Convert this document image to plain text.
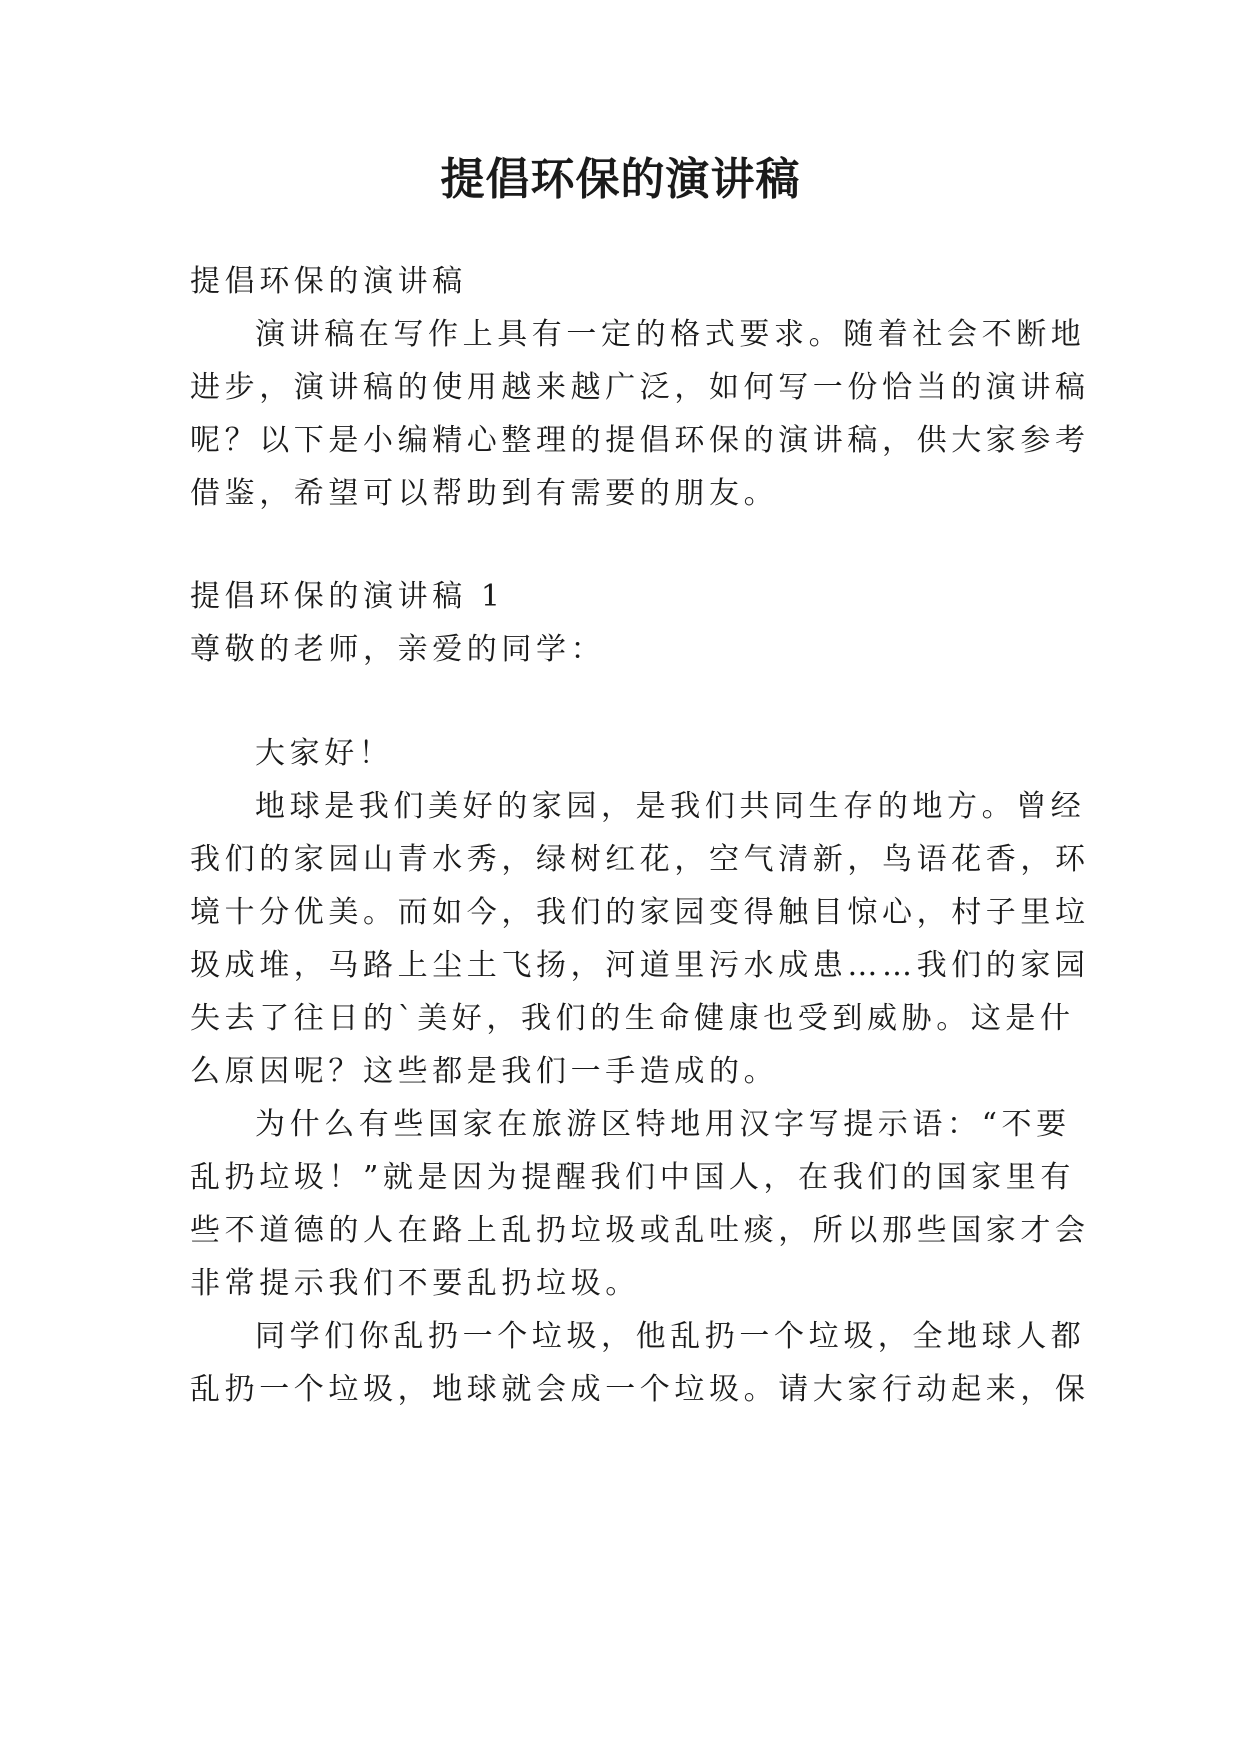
提倡环保的演讲稿

提倡环保的演讲稿

演讲稿在写作上具有一定的格式要求。随着社会不断地

进步，演讲稿的使用越来越广泛，如何写一份恰当的演讲稿

呢？以下是小编精心整理的提倡环保的演讲稿，供大家参考

借鉴，希望可以帮助到有需要的朋友。

提倡环保的演讲稿 1

尊敬的老师，亲爱的同学：

大家好！

地球是我们美好的家园，是我们共同生存的地方。曾经

我们的家园山青水秀，绿树红花，空气清新，鸟语花香，环

境十分优美。而如今，我们的家园变得触目惊心，村子里垃

圾成堆，马路上尘土飞扬，河道里污水成患……我们的家园

失去了往日的`美好，我们的生命健康也受到威胁。这是什

么原因呢？这些都是我们一手造成的。

为什么有些国家在旅游区特地用汉字写提示语：“不要

乱扔垃圾！”就是因为提醒我们中国人，在我们的国家里有

些不道德的人在路上乱扔垃圾或乱吐痰，所以那些国家才会

非常提示我们不要乱扔垃圾。

同学们你乱扔一个垃圾，他乱扔一个垃圾，全地球人都

乱扔一个垃圾，地球就会成一个垃圾。请大家行动起来，保
